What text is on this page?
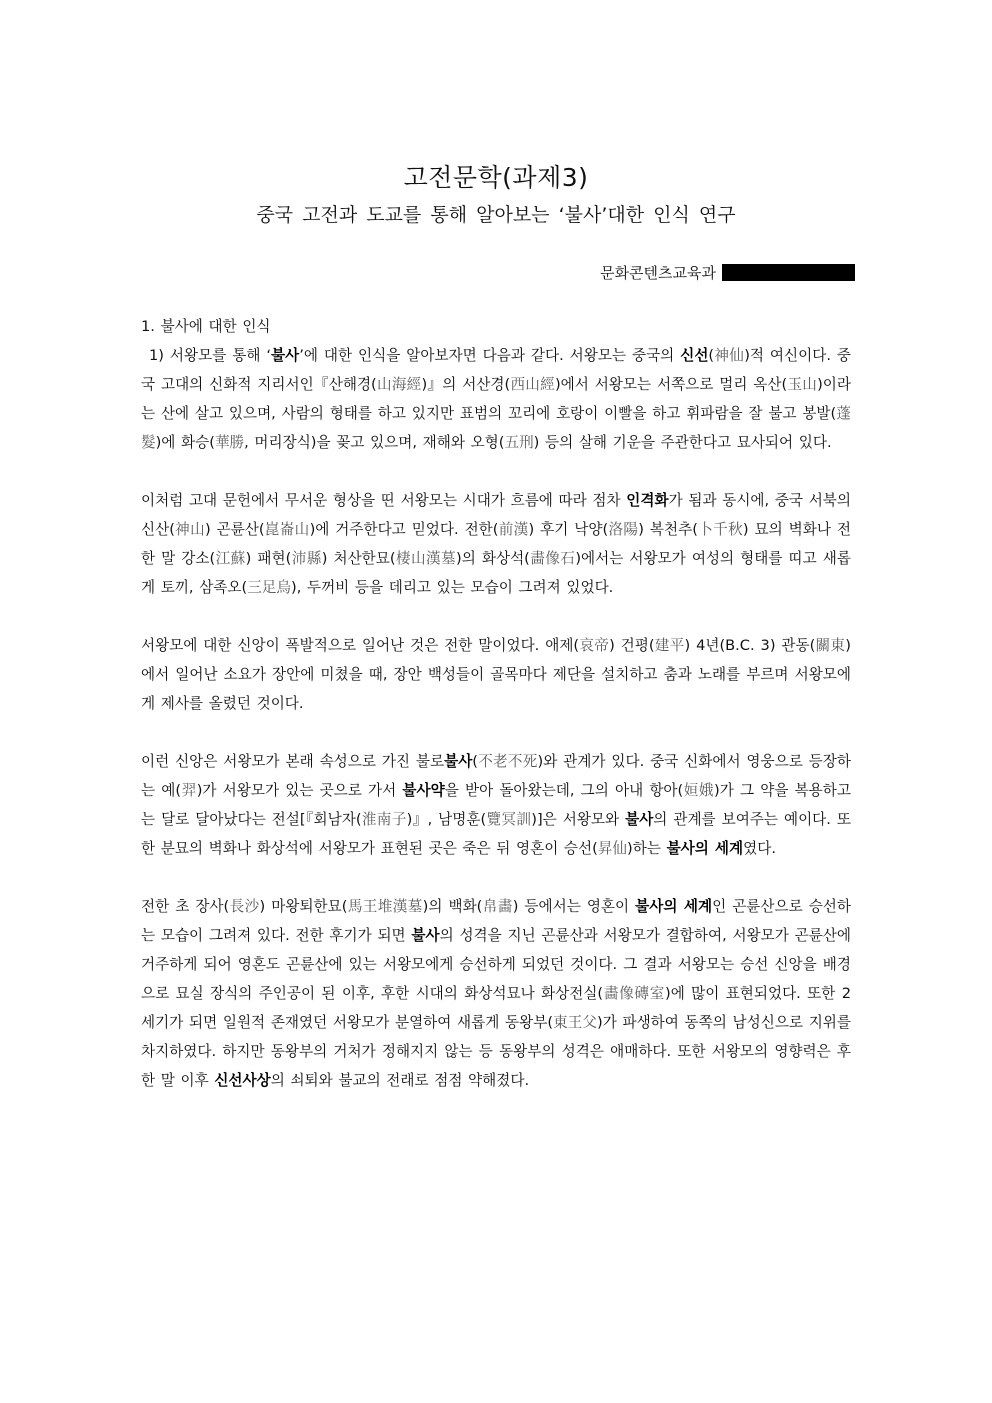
고전문학(과제3)
중국 고전과 도교를 통해 알아보는 ‘불사’대한 인식 연구
문화콘텐츠교육과

1. 불사에 대한 인식

1) 서왕모를 통해 ‘불사’에 대한 인식을 알아보자면 다음과 같다. 서왕모는 중국의 신선(神仙)적 여신이다. 중국 고대의 신화적 지리서인『산해경(山海經)』의 서산경(西山經)에서 서왕모는 서쪽으로 멀리 옥산(玉山)이라는 산에 살고 있으며, 사람의 형태를 하고 있지만 표범의 꼬리에 호랑이 이빨을 하고 휘파람을 잘 불고 봉발(蓬髮)에 화승(華勝, 머리장식)을 꽂고 있으며, 재해와 오형(五刑) 등의 살해 기운을 주관한다고 묘사되어 있다.

이처럼 고대 문헌에서 무서운 형상을 띤 서왕모는 시대가 흐름에 따라 점차 인격화가 됨과 동시에, 중국 서북의 신산(神山) 곤륜산(崑崙山)에 거주한다고 믿었다. 전한(前漢) 후기 낙양(洛陽) 복천추(卜千秋) 묘의 벽화나 전한 말 강소(江蘇) 패현(沛縣) 처산한묘(棲山漢墓)의 화상석(畵像石)에서는 서왕모가 여성의 형태를 띠고 새롭게 토끼, 삼족오(三足烏), 두꺼비 등을 데리고 있는 모습이 그려져 있었다.

서왕모에 대한 신앙이 폭발적으로 일어난 것은 전한 말이었다. 애제(哀帝) 건평(建平) 4년(B.C. 3) 관동(關東)에서 일어난 소요가 장안에 미쳤을 때, 장안 백성들이 골목마다 제단을 설치하고 춤과 노래를 부르며 서왕모에게 제사를 올렸던 것이다.

이런 신앙은 서왕모가 본래 속성으로 가진 불로불사(不老不死)와 관계가 있다. 중국 신화에서 영웅으로 등장하는 예(羿)가 서왕모가 있는 곳으로 가서 불사약을 받아 돌아왔는데, 그의 아내 항아(姮娥)가 그 약을 복용하고는 달로 달아났다는 전설[『회남자(淮南子)』, 남명훈(覽冥訓)]은 서왕모와 불사의 관계를 보여주는 예이다. 또한 분묘의 벽화나 화상석에 서왕모가 표현된 곳은 죽은 뒤 영혼이 승선(昇仙)하는 불사의 세계였다.

전한 초 장사(長沙) 마왕퇴한묘(馬王堆漢墓)의 백화(帛畵) 등에서는 영혼이 불사의 세계인 곤륜산으로 승선하는 모습이 그려져 있다. 전한 후기가 되면 불사의 성격을 지닌 곤륜산과 서왕모가 결합하여, 서왕모가 곤륜산에 거주하게 되어 영혼도 곤륜산에 있는 서왕모에게 승선하게 되었던 것이다. 그 결과 서왕모는 승선 신앙을 배경으로 묘실 장식의 주인공이 된 이후, 후한 시대의 화상석묘나 화상전실(畵像磚室)에 많이 표현되었다. 또한 2세기가 되면 일원적 존재였던 서왕모가 분열하여 새롭게 동왕부(東王父)가 파생하여 동쪽의 남성신으로 지위를 차지하였다. 하지만 동왕부의 거처가 정해지지 않는 등 동왕부의 성격은 애매하다. 또한 서왕모의 영향력은 후한 말 이후 신선사상의 쇠퇴와 불교의 전래로 점점 약해졌다.
